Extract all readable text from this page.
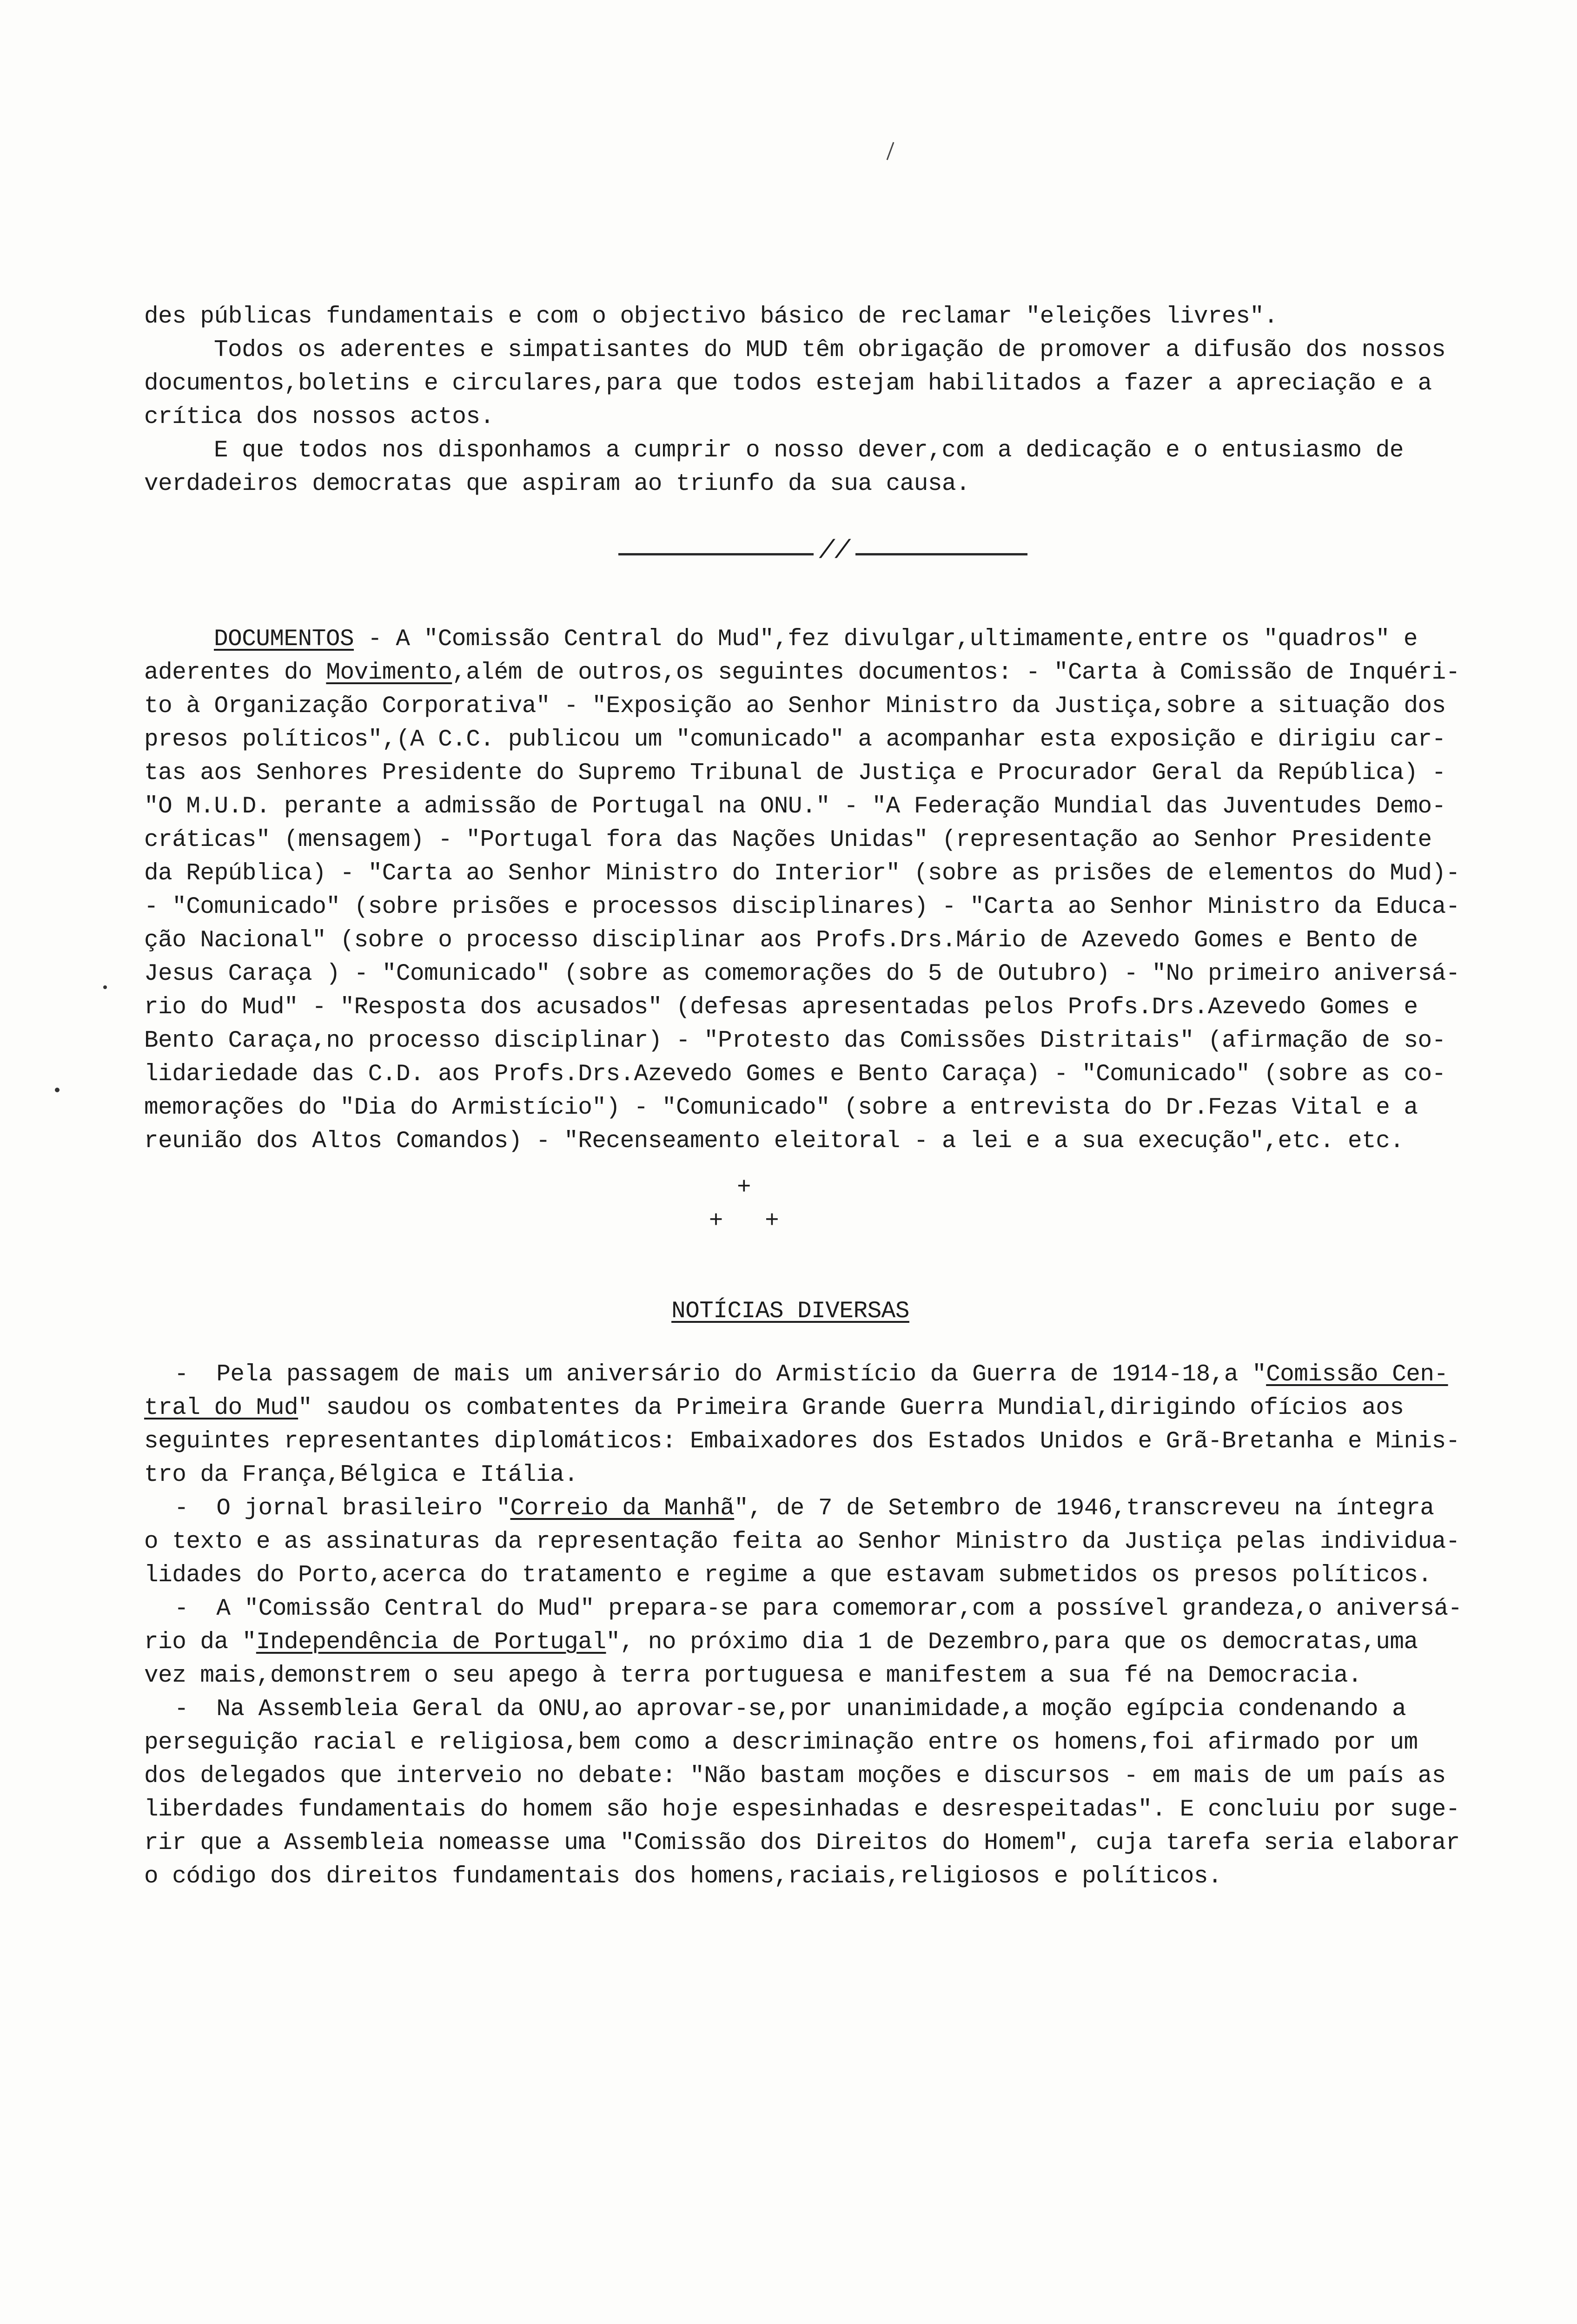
des públicas fundamentais e com o objectivo básico de reclamar "eleições livres".
Todos os aderentes e simpatisantes do MUD têm obrigação de promover a difusão dos nossos
documentos,boletins e circulares,para que todos estejam habilitados a fazer a apreciação e a
crítica dos nossos actos.
E que todos nos disponhamos a cumprir o nosso dever,com a dedicação e o entusiasmo de
verdadeiros democratas que aspiram ao triunfo da sua causa.
//
DOCUMENTOS - A "Comissão Central do Mud",fez divulgar,ultimamente,entre os "quadros" e
aderentes do Movimento,além de outros,os seguintes documentos: - "Carta à Comissão de Inquéri-
to à Organização Corporativa" - "Exposição ao Senhor Ministro da Justiça,sobre a situação dos
presos políticos",(A C.C. publicou um "comunicado" a acompanhar esta exposição e dirigiu car-
tas aos Senhores Presidente do Supremo Tribunal de Justiça e Procurador Geral da República) -
"O M.U.D. perante a admissão de Portugal na ONU." - "A Federação Mundial das Juventudes Demo-
cráticas" (mensagem) - "Portugal fora das Nações Unidas" (representação ao Senhor Presidente
da República) - "Carta ao Senhor Ministro do Interior" (sobre as prisões de elementos do Mud)-
- "Comunicado" (sobre prisões e processos disciplinares) - "Carta ao Senhor Ministro da Educa-
ção Nacional" (sobre o processo disciplinar aos Profs.Drs.Mário de Azevedo Gomes e Bento de
Jesus Caraça ) - "Comunicado" (sobre as comemorações do 5 de Outubro) - "No primeiro aniversá-
rio do Mud" - "Resposta dos acusados" (defesas apresentadas pelos Profs.Drs.Azevedo Gomes e
Bento Caraça,no processo disciplinar) - "Protesto das Comissões Distritais" (afirmação de so-
lidariedade das C.D. aos Profs.Drs.Azevedo Gomes e Bento Caraça) - "Comunicado" (sobre as co-
memorações do "Dia do Armistício") - "Comunicado" (sobre a entrevista do Dr.Fezas Vital e a
reunião dos Altos Comandos) - "Recenseamento eleitoral - a lei e a sua execução",etc. etc.
+
+   +
NOTÍCIAS DIVERSAS
-  Pela passagem de mais um aniversário do Armistício da Guerra de 1914-18,a "Comissão Cen-
tral do Mud" saudou os combatentes da Primeira Grande Guerra Mundial,dirigindo ofícios aos
seguintes representantes diplomáticos: Embaixadores dos Estados Unidos e Grã-Bretanha e Minis-
tro da França,Bélgica e Itália.
-  O jornal brasileiro "Correio da Manhã", de 7 de Setembro de 1946,transcreveu na íntegra
o texto e as assinaturas da representação feita ao Senhor Ministro da Justiça pelas individua-
lidades do Porto,acerca do tratamento e regime a que estavam submetidos os presos políticos.
-  A "Comissão Central do Mud" prepara-se para comemorar,com a possível grandeza,o aniversá-
rio da "Independência de Portugal", no próximo dia 1 de Dezembro,para que os democratas,uma
vez mais,demonstrem o seu apego à terra portuguesa e manifestem a sua fé na Democracia.
-  Na Assembleia Geral da ONU,ao aprovar-se,por unanimidade,a moção egípcia condenando a
perseguição racial e religiosa,bem como a descriminação entre os homens,foi afirmado por um
dos delegados que interveio no debate: "Não bastam moções e discursos - em mais de um país as
liberdades fundamentais do homem são hoje espesinhadas e desrespeitadas". E concluiu por suge-
rir que a Assembleia nomeasse uma "Comissão dos Direitos do Homem", cuja tarefa seria elaborar
o código dos direitos fundamentais dos homens,raciais,religiosos e políticos.
